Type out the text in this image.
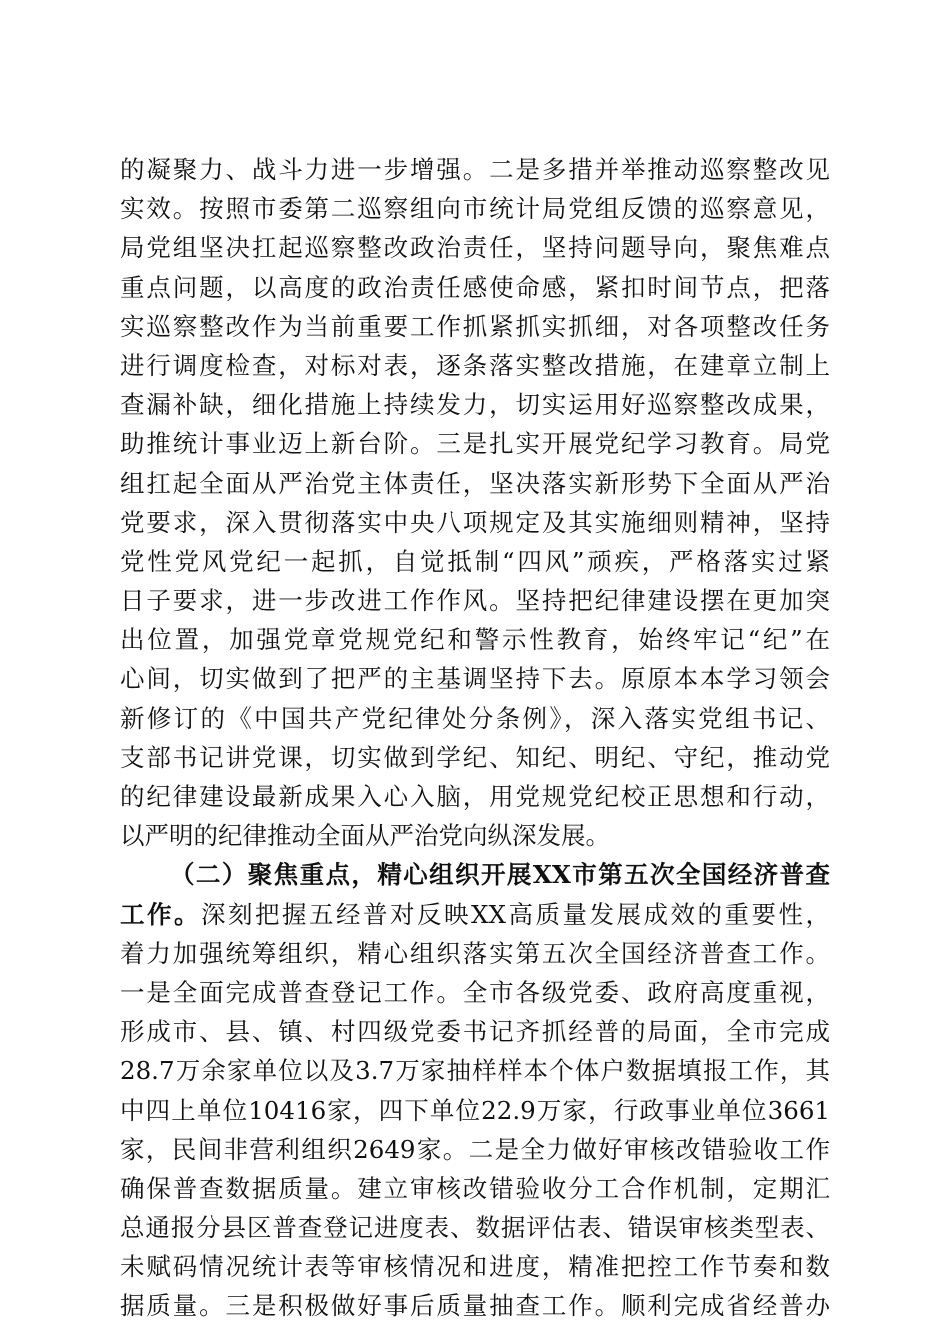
的凝聚力、战斗力进一步增强。二是多措并举推动巡察整改见
实效。按照市委第二巡察组向市统计局党组反馈的巡察意见，
局党组坚决扛起巡察整改政治责任，坚持问题导向，聚焦难点
重点问题，以高度的政治责任感使命感，紧扣时间节点，把落
实巡察整改作为当前重要工作抓紧抓实抓细，对各项整改任务
进行调度检查，对标对表，逐条落实整改措施，在建章立制上
查漏补缺，细化措施上持续发力，切实运用好巡察整改成果，
助推统计事业迈上新台阶。三是扎实开展党纪学习教育。局党
组扛起全面从严治党主体责任，坚决落实新形势下全面从严治
党要求，深入贯彻落实中央八项规定及其实施细则精神，坚持
党性党风党纪一起抓，自觉抵制“四风”顽疾，严格落实过紧
日子要求，进一步改进工作作风。坚持把纪律建设摆在更加突
出位置，加强党章党规党纪和警示性教育，始终牢记“纪”在
心间，切实做到了把严的主基调坚持下去。原原本本学习领会
新修订的《中国共产党纪律处分条例》，深入落实党组书记、
支部书记讲党课，切实做到学纪、知纪、明纪、守纪，推动党
的纪律建设最新成果入心入脑，用党规党纪校正思想和行动，
以严明的纪律推动全面从严治党向纵深发展。
（二）聚焦重点，精心组织开展XX市第五次全国经济普查
工作。深刻把握五经普对反映XX高质量发展成效的重要性，
着力加强统筹组织，精心组织落实第五次全国经济普查工作。
一是全面完成普查登记工作。全市各级党委、政府高度重视，
形成市、县、镇、村四级党委书记齐抓经普的局面，全市完成
28.7万余家单位以及3.7万家抽样样本个体户数据填报工作，其
中四上单位10416家，四下单位22.9万家，行政事业单位3661
家，民间非营利组织2649家。二是全力做好审核改错验收工作
确保普查数据质量。建立审核改错验收分工合作机制，定期汇
总通报分县区普查登记进度表、数据评估表、错误审核类型表、
未赋码情况统计表等审核情况和进度，精准把控工作节奏和数
据质量。三是积极做好事后质量抽查工作。顺利完成省经普办
